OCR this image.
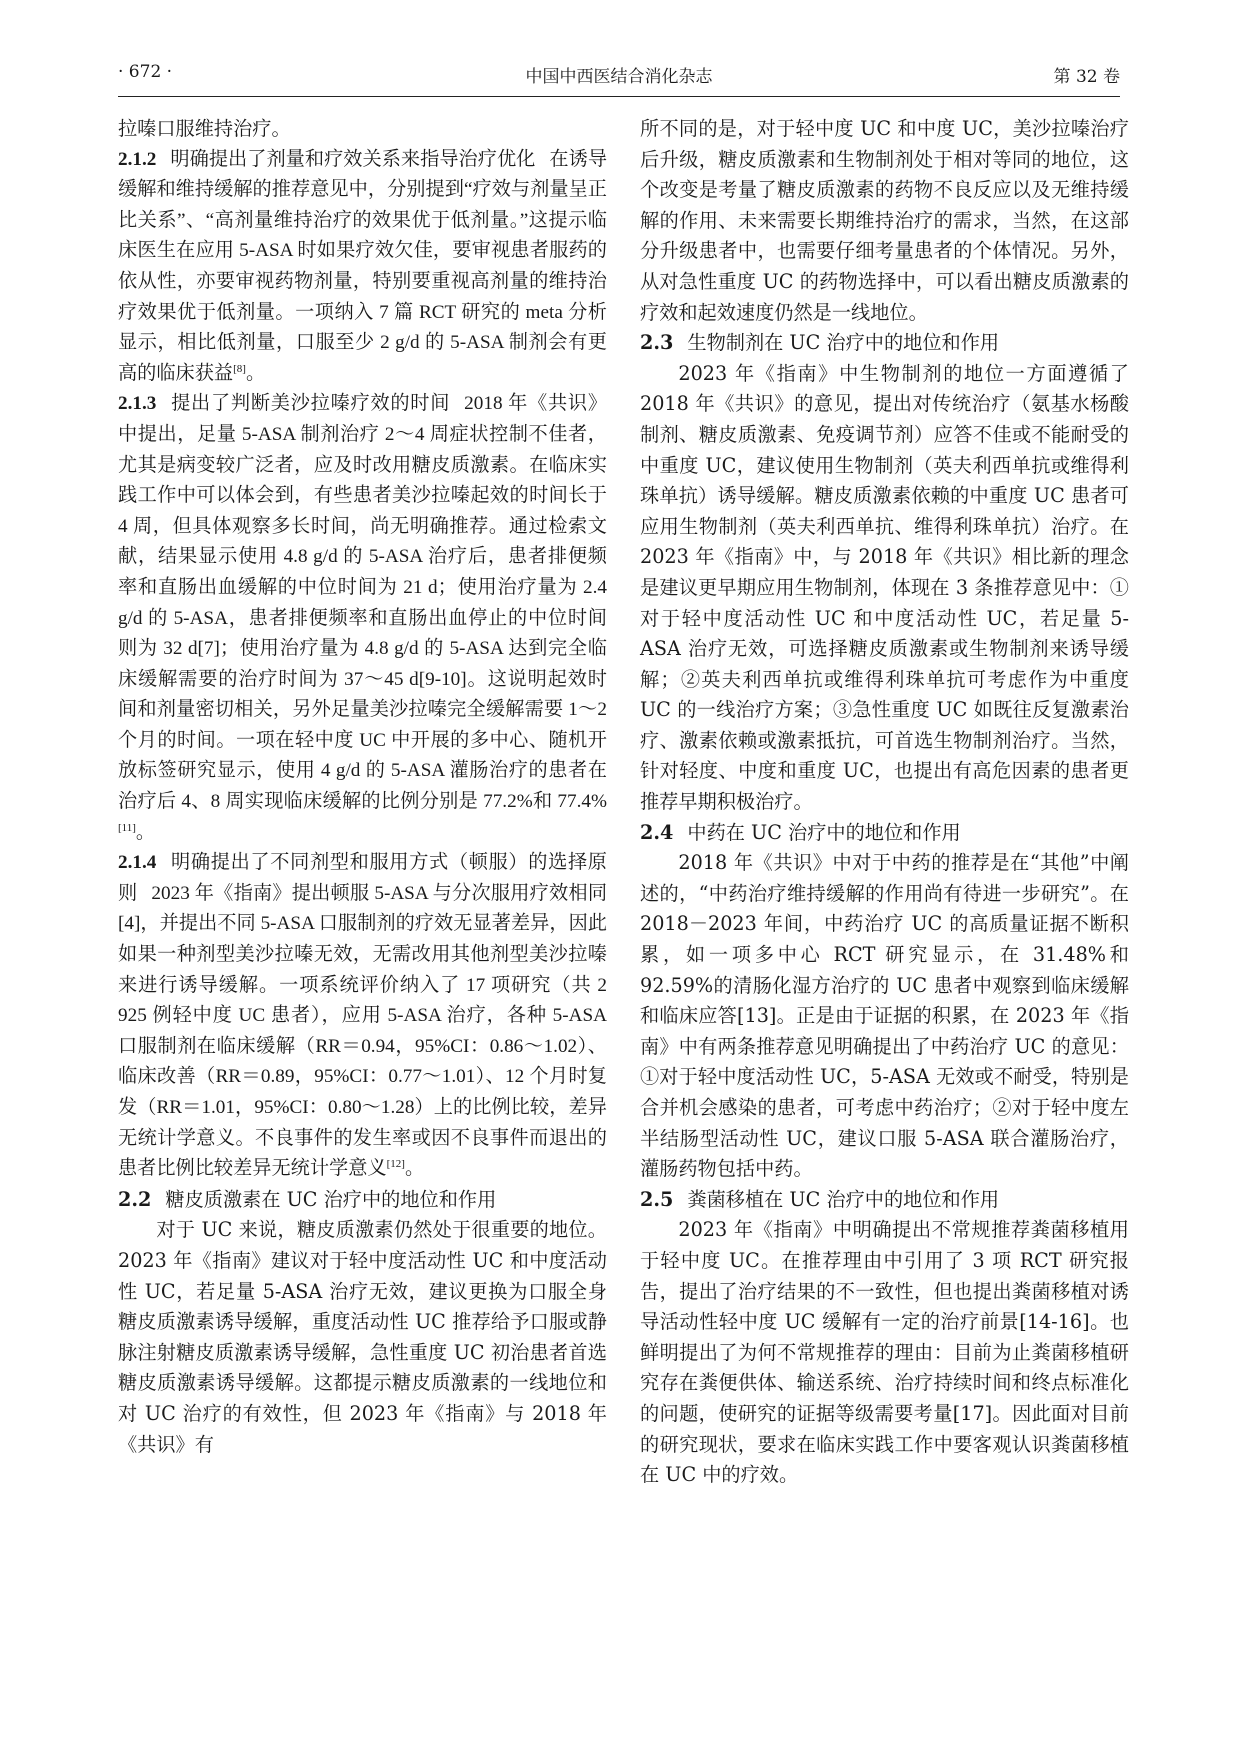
· 672 ·	中国中西医结合消化杂志	第 32 卷

拉嗪口服维持治疗。

2.1.2 明确提出了剂量和疗效关系来指导治疗优化 在诱导缓解和维持缓解的推荐意见中，分别提到“疗效与剂量呈正比关系”、“高剂量维持治疗的效果优于低剂量。”这提示临床医生在应用 5-ASA 时如果疗效欠佳，要审视患者服药的依从性，亦要审视药物剂量，特别要重视高剂量的维持治疗效果优于低剂量。一项纳入 7 篇 RCT 研究的 meta 分析显示，相比低剂量，口服至少 2 g/d 的 5-ASA 制剂会有更高的临床获益[8]。

2.1.3 提出了判断美沙拉嗪疗效的时间 2018 年《共识》中提出，足量 5-ASA 制剂治疗 2～4 周症状控制不佳者，尤其是病变较广泛者，应及时改用糖皮质激素。在临床实践工作中可以体会到，有些患者美沙拉嗪起效的时间长于 4 周，但具体观察多长时间，尚无明确推荐。通过检索文献，结果显示使用 4.8 g/d 的 5-ASA 治疗后，患者排便频率和直肠出血缓解的中位时间为 21 d；使用治疗量为 2.4 g/d 的 5-ASA，患者排便频率和直肠出血停止的中位时间则为 32 d[7]；使用治疗量为 4.8 g/d 的 5-ASA 达到完全临床缓解需要的治疗时间为 37～45 d[9-10]。这说明起效时间和剂量密切相关，另外足量美沙拉嗪完全缓解需要 1～2 个月的时间。一项在轻中度 UC 中开展的多中心、随机开放标签研究显示，使用 4 g/d 的 5-ASA 灌肠治疗的患者在治疗后 4、8 周实现临床缓解的比例分别是 77.2%和 77.4%[11]。

2.1.4 明确提出了不同剂型和服用方式（顿服）的选择原则 2023 年《指南》提出顿服 5-ASA 与分次服用疗效相同[4]，并提出不同 5-ASA 口服制剂的疗效无显著差异，因此如果一种剂型美沙拉嗪无效，无需改用其他剂型美沙拉嗪来进行诱导缓解。一项系统评价纳入了 17 项研究（共 2 925 例轻中度 UC 患者），应用 5-ASA 治疗，各种 5-ASA 口服制剂在临床缓解（RR＝0.94，95%CI：0.86～1.02）、临床改善（RR＝0.89，95%CI：0.77～1.01）、12 个月时复发（RR＝1.01，95%CI：0.80～1.28）上的比例比较，差异无统计学意义。不良事件的发生率或因不良事件而退出的患者比例比较差异无统计学意义[12]。

2.2 糖皮质激素在 UC 治疗中的地位和作用

对于 UC 来说，糖皮质激素仍然处于很重要的地位。2023 年《指南》建议对于轻中度活动性 UC 和中度活动性 UC，若足量 5-ASA 治疗无效，建议更换为口服全身糖皮质激素诱导缓解，重度活动性 UC 推荐给予口服或静脉注射糖皮质激素诱导缓解，急性重度 UC 初治患者首选糖皮质激素诱导缓解。这都提示糖皮质激素的一线地位和对 UC 治疗的有效性，但 2023 年《指南》与 2018 年《共识》有

所不同的是，对于轻中度 UC 和中度 UC，美沙拉嗪治疗后升级，糖皮质激素和生物制剂处于相对等同的地位，这个改变是考量了糖皮质激素的药物不良反应以及无维持缓解的作用、未来需要长期维持治疗的需求，当然，在这部分升级患者中，也需要仔细考量患者的个体情况。另外，从对急性重度 UC 的药物选择中，可以看出糖皮质激素的疗效和起效速度仍然是一线地位。

2.3 生物制剂在 UC 治疗中的地位和作用

2023 年《指南》中生物制剂的地位一方面遵循了 2018 年《共识》的意见，提出对传统治疗（氨基水杨酸制剂、糖皮质激素、免疫调节剂）应答不佳或不能耐受的中重度 UC，建议使用生物制剂（英夫利西单抗或维得利珠单抗）诱导缓解。糖皮质激素依赖的中重度 UC 患者可应用生物制剂（英夫利西单抗、维得利珠单抗）治疗。在 2023 年《指南》中，与 2018 年《共识》相比新的理念是建议更早期应用生物制剂，体现在 3 条推荐意见中：①对于轻中度活动性 UC 和中度活动性 UC，若足量 5-ASA 治疗无效，可选择糖皮质激素或生物制剂来诱导缓解；②英夫利西单抗或维得利珠单抗可考虑作为中重度 UC 的一线治疗方案；③急性重度 UC 如既往反复激素治疗、激素依赖或激素抵抗，可首选生物制剂治疗。当然，针对轻度、中度和重度 UC，也提出有高危因素的患者更推荐早期积极治疗。

2.4 中药在 UC 治疗中的地位和作用

2018 年《共识》中对于中药的推荐是在“其他”中阐述的，“中药治疗维持缓解的作用尚有待进一步研究”。在 2018－2023 年间，中药治疗 UC 的高质量证据不断积累，如一项多中心 RCT 研究显示，在 31.48%和 92.59%的清肠化湿方治疗的 UC 患者中观察到临床缓解和临床应答[13]。正是由于证据的积累，在 2023 年《指南》中有两条推荐意见明确提出了中药治疗 UC 的意见：①对于轻中度活动性 UC，5-ASA 无效或不耐受，特别是合并机会感染的患者，可考虑中药治疗；②对于轻中度左半结肠型活动性 UC，建议口服 5-ASA 联合灌肠治疗，灌肠药物包括中药。

2.5 粪菌移植在 UC 治疗中的地位和作用

2023 年《指南》中明确提出不常规推荐粪菌移植用于轻中度 UC。在推荐理由中引用了 3 项 RCT 研究报告，提出了治疗结果的不一致性，但也提出粪菌移植对诱导活动性轻中度 UC 缓解有一定的治疗前景[14-16]。也鲜明提出了为何不常规推荐的理由：目前为止粪菌移植研究存在粪便供体、输送系统、治疗持续时间和终点标准化的问题，使研究的证据等级需要考量[17]。因此面对目前的研究现状，要求在临床实践工作中要客观认识粪菌移植在 UC 中的疗效。
